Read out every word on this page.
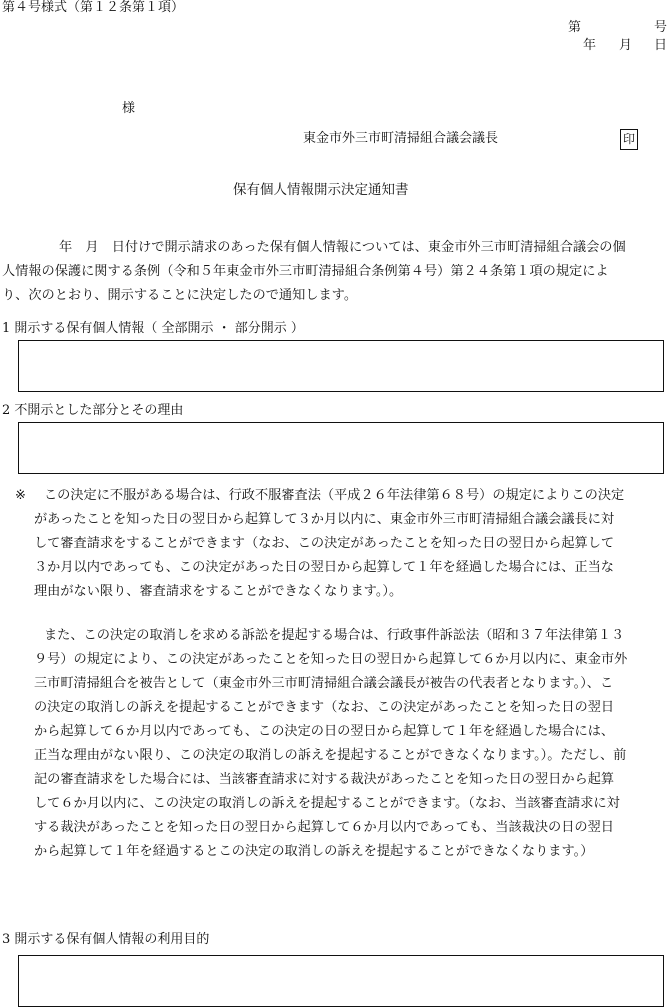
第４号様式（第１２条第１項）
第	号
年 月 日
様
東金市外三市町清掃組合議会議長	印
保有個人情報開示決定通知書
年　月　日付けで開示請求のあった保有個人情報については、東金市外三市町清掃組合議会の個
人情報の保護に関する条例（令和５年東金市外三市町清掃組合条例第４号）第２４条第１項の規定によ
り、次のとおり、開示することに決定したので通知します。
1 開示する保有個人情報（ 全部開示 ・ 部分開示 ）
2 不開示とした部分とその理由
※	この決定に不服がある場合は、行政不服審査法（平成２６年法律第６８号）の規定によりこの決定
があったことを知った日の翌日から起算して３か月以内に、東金市外三市町清掃組合議会議長に対
して審査請求をすることができます（なお、この決定があったことを知った日の翌日から起算して
３か月以内であっても、この決定があった日の翌日から起算して１年を経過した場合には、正当な
理由がない限り、審査請求をすることができなくなります。）。
また、この決定の取消しを求める訴訟を提起する場合は、行政事件訴訟法（昭和３７年法律第１３
９号）の規定により、この決定があったことを知った日の翌日から起算して６か月以内に、東金市外
三市町清掃組合を被告として（東金市外三市町清掃組合議会議長が被告の代表者となります。）、こ
の決定の取消しの訴えを提起することができます（なお、この決定があったことを知った日の翌日
から起算して６か月以内であっても、この決定の日の翌日から起算して１年を経過した場合には、
正当な理由がない限り、この決定の取消しの訴えを提起することができなくなります。）。ただし、前
記の審査請求をした場合には、当該審査請求に対する裁決があったことを知った日の翌日から起算
して６か月以内に、この決定の取消しの訴えを提起することができます。（なお、当該審査請求に対
する裁決があったことを知った日の翌日から起算して６か月以内であっても、当該裁決の日の翌日
から起算して１年を経過するとこの決定の取消しの訴えを提起することができなくなります。）
3 開示する保有個人情報の利用目的
